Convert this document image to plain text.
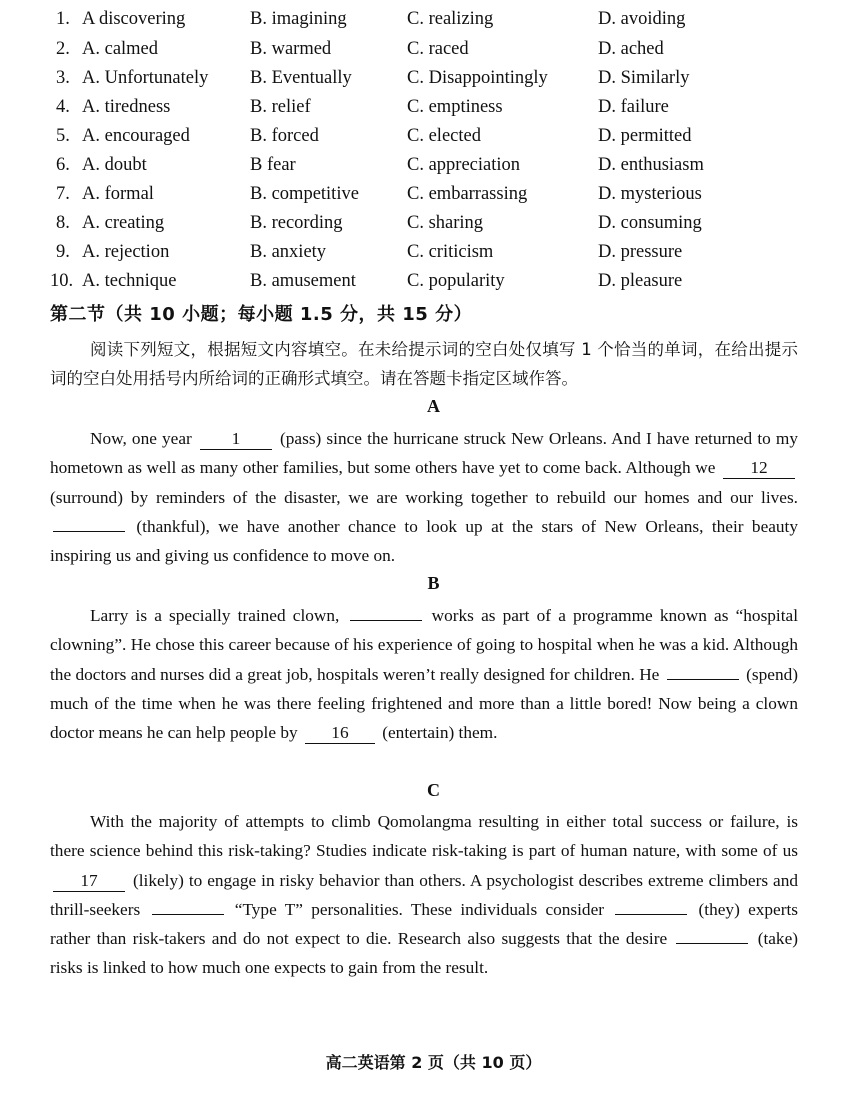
1. A discovering	B. imagining	C. realizing	D. avoiding
2. A. calmed	B. warmed	C. raced	D. ached
3. A. Unfortunately B. Eventually	C. Disappointingly	D. Similarly
4. A. tiredness	B. relief	C. emptiness	D. failure
5. A. encouraged	B. forced	C. elected	D. permitted
6. A. doubt	B fear	C. appreciation	D. enthusiasm
7. A. formal	B. competitive	C. embarrassing	D. mysterious
8. A. creating	B. recording	C. sharing	D. consuming
9. A. rejection	B. anxiety	C. criticism	D. pressure
10. A. technique	B. amusement	C. popularity	D. pleasure
第二节（共 10 小题；每小题 1.5 分，共 15 分）
阅读下列短文，根据短文内容填空。在未给提示词的空白处仅填写 1 个恰当的单词，在给出提示词的空白处用括号内所给词的正确形式填空。请在答题卡指定区域作答。
A
Now, one year 1 (pass) since the hurricane struck New Orleans. And I have returned to my hometown as well as many other families, but some others have yet to come back. Although we 12 (surround) by reminders of the disaster, we are working together to rebuild our homes and our lives.  (thankful), we have another chance to look up at the stars of New Orleans, their beauty inspiring us and giving us confidence to move on.
B
Larry is a specially trained clown,	works as part of a programme known as “hospital clowning”. He chose this career because of his experience of going to hospital when he was a kid. Although the doctors and nurses did a great job, hospitals weren’t really designed for children. He	(spend) much of the time when he was there feeling frightened and more than a little bored! Now being a clown doctor means he can help people by 16 (entertain) them.
C
With the majority of attempts to climb Qomolangma resulting in either total success or failure, is there science behind this risk-taking? Studies indicate risk-taking is part of human nature, with some of us 17 (likely) to engage in risky behavior than others. A psychologist describes extreme climbers and thrill-seekers	“Type T” personalities. These individuals consider	(they) experts rather than risk-takers and do not expect to die. Research also suggests that the desire	(take) risks is linked to how much one expects to gain from the result.
高二英语第 2 页（共 10 页）
